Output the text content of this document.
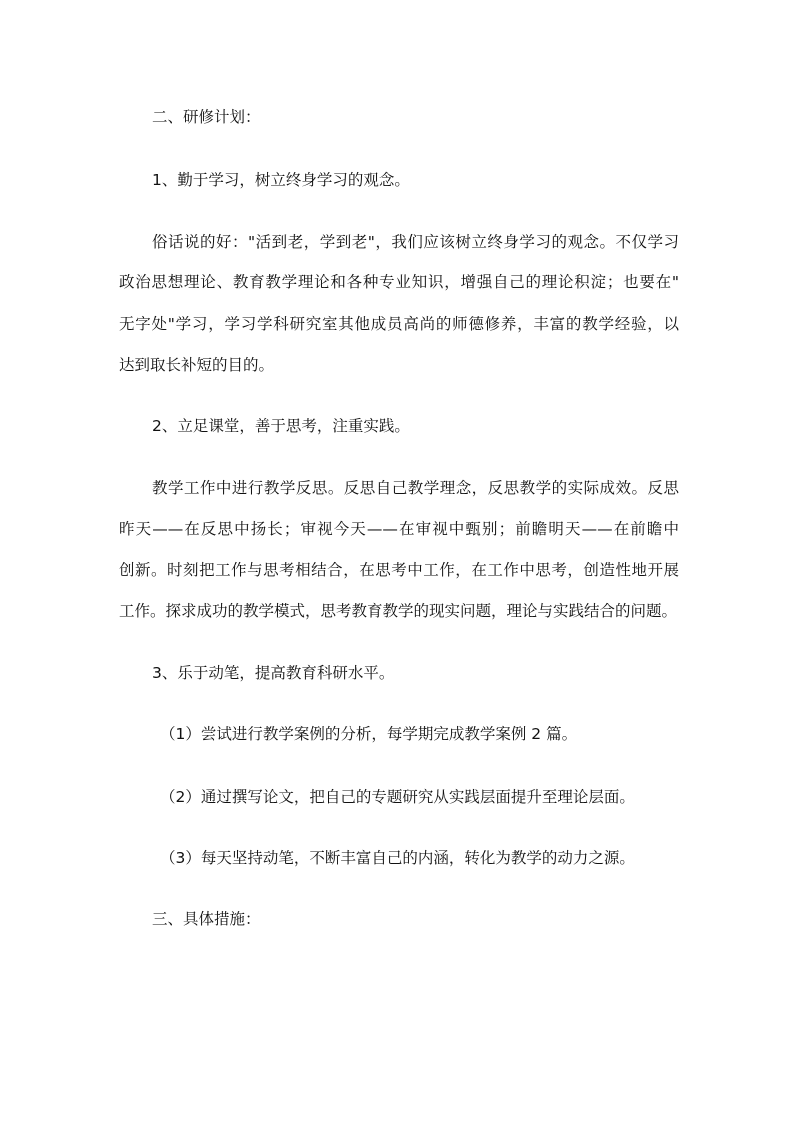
二、研修计划：
1、勤于学习，树立终身学习的观念。
俗话说的好："活到老，学到老"，我们应该树立终身学习的观念。不仅学习
政治思想理论、教育教学理论和各种专业知识，增强自己的理论积淀；也要在"
无字处"学习，学习学科研究室其他成员高尚的师德修养，丰富的教学经验，以
达到取长补短的目的。
2、立足课堂，善于思考，注重实践。
教学工作中进行教学反思。反思自己教学理念，反思教学的实际成效。反思
昨天——在反思中扬长；审视今天——在审视中甄别；前瞻明天——在前瞻中
创新。时刻把工作与思考相结合，在思考中工作，在工作中思考，创造性地开展
工作。探求成功的教学模式，思考教育教学的现实问题，理论与实践结合的问题。
3、乐于动笔，提高教育科研水平。
（1）尝试进行教学案例的分析，每学期完成教学案例 2 篇。
（2）通过撰写论文，把自己的专题研究从实践层面提升至理论层面。
（3）每天坚持动笔，不断丰富自己的内涵，转化为教学的动力之源。
三、具体措施：
